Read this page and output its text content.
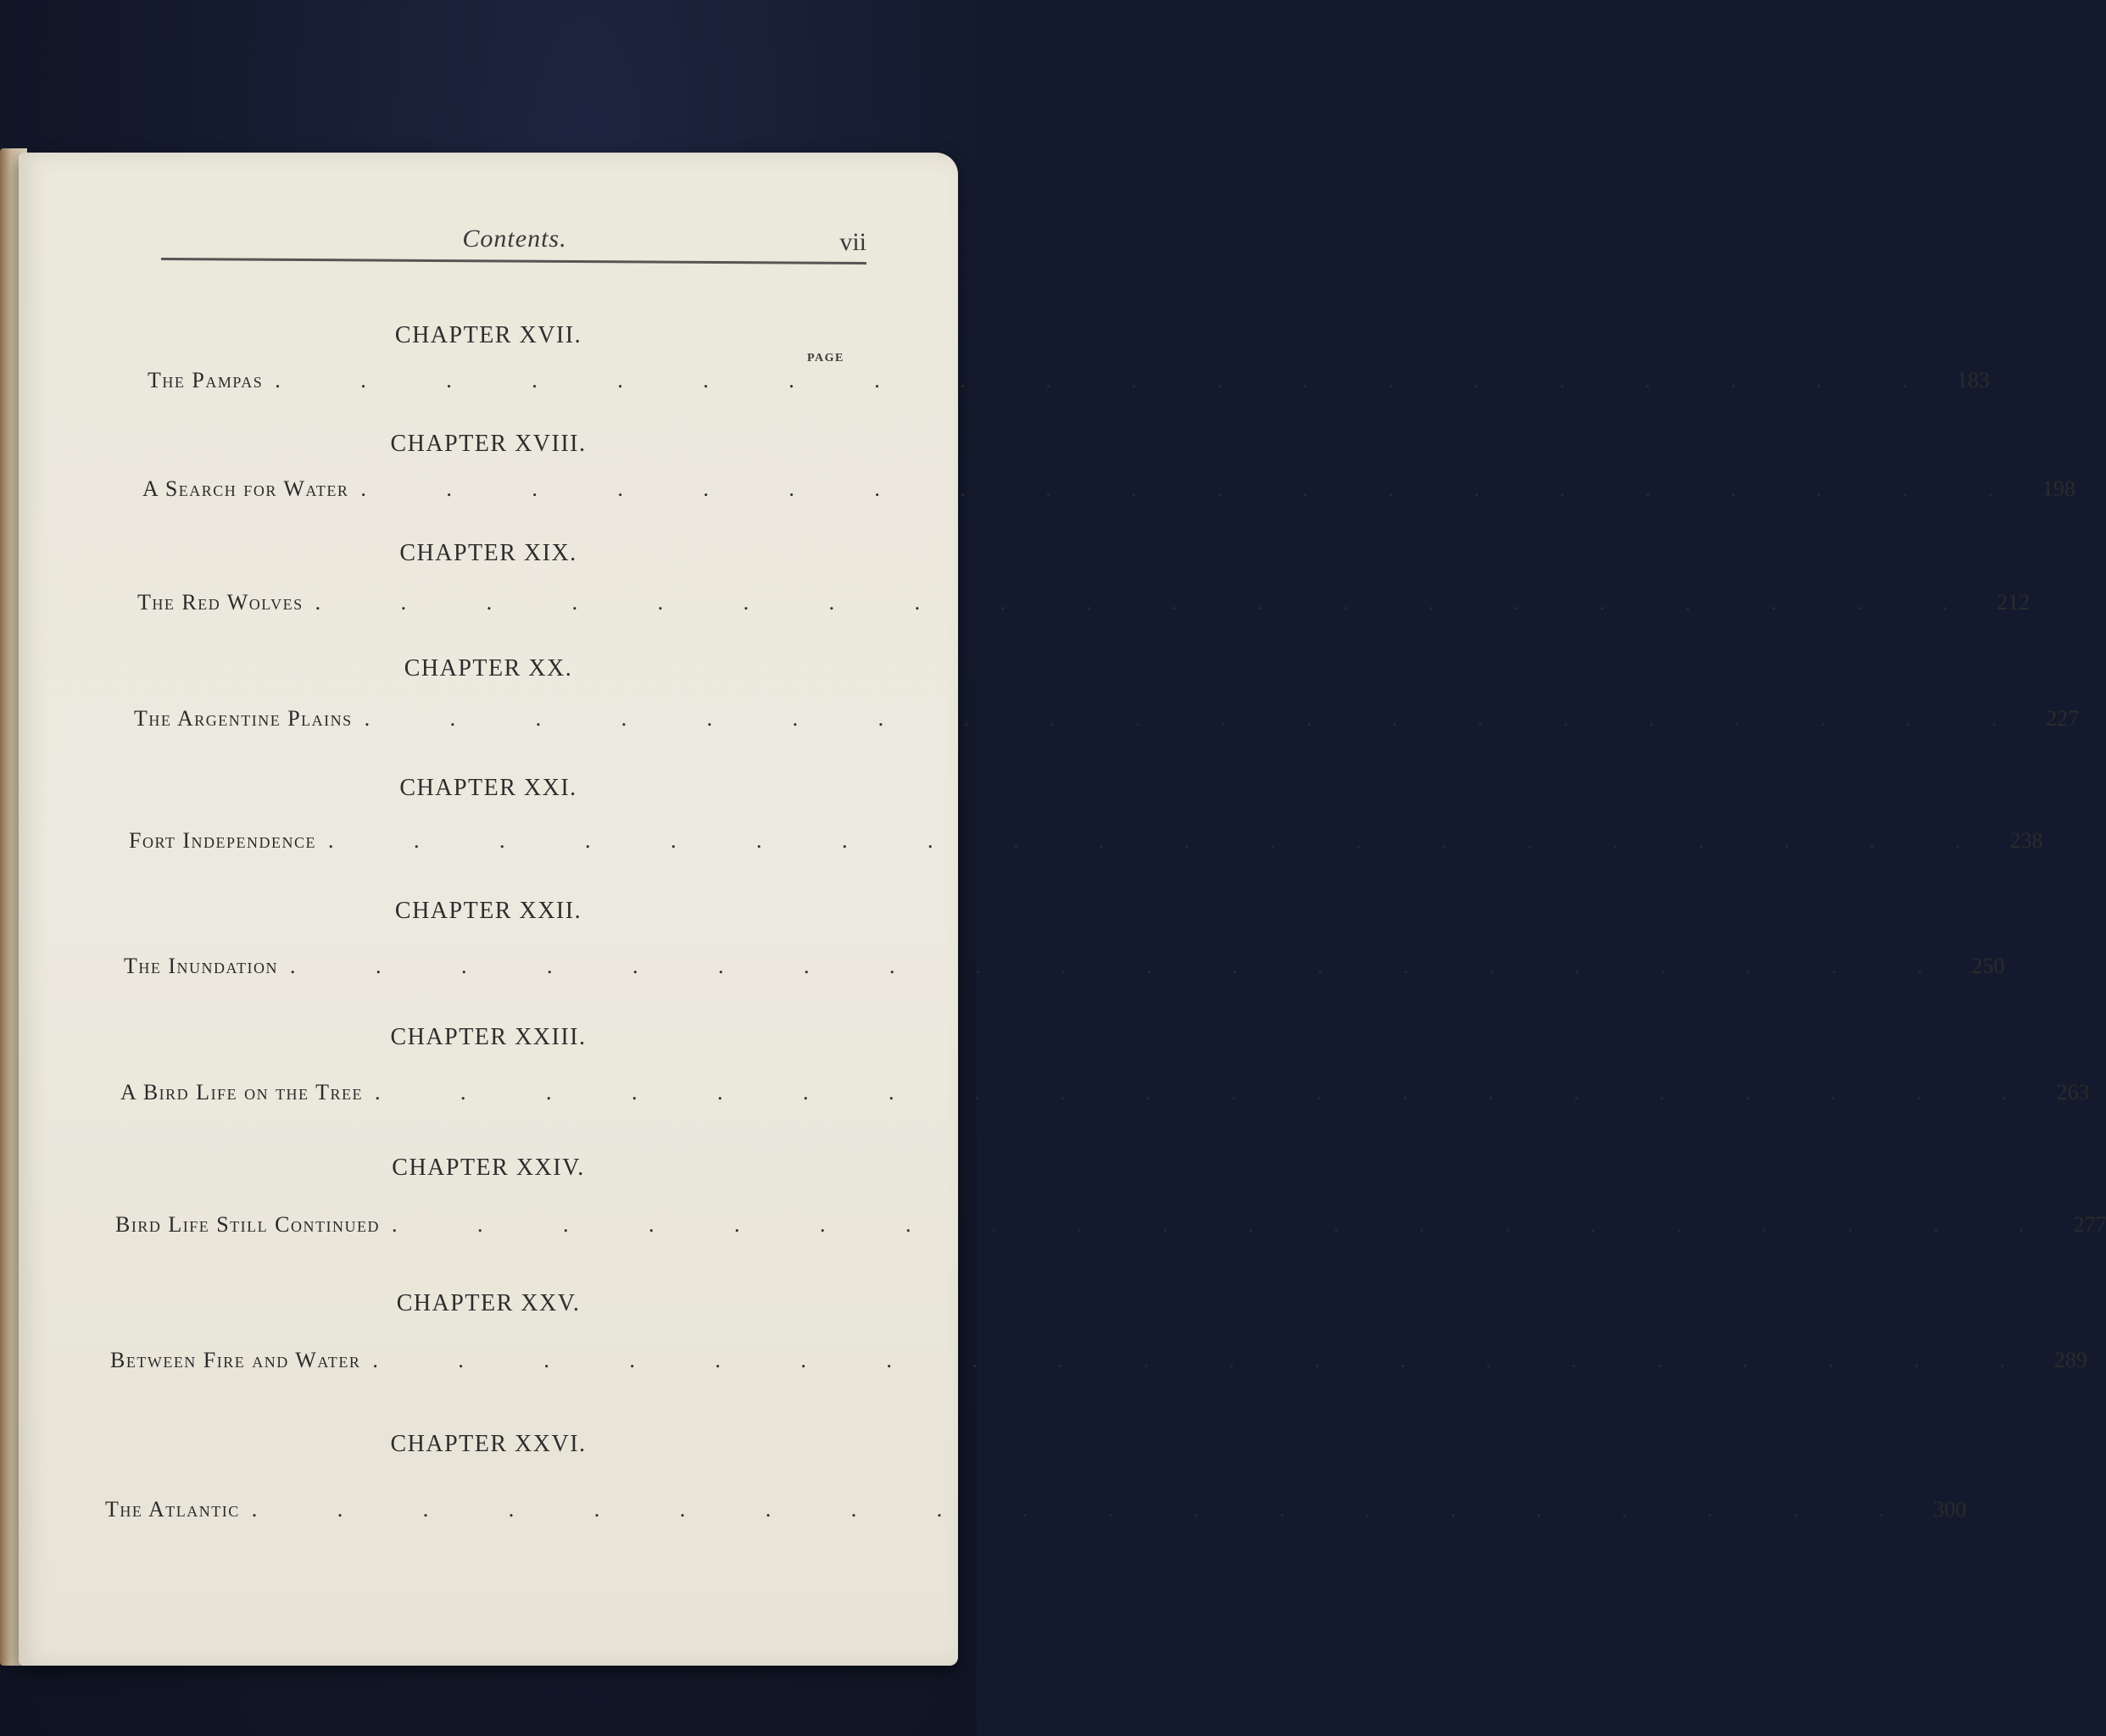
Contents.	vii
PAGE
CHAPTER XVII.
The Pampas . . . . . . . . . . . . . . . . . . . . 183
CHAPTER XVIII.
A Search for Water . . . . . . . . . . . . . . . . . . . . 198
CHAPTER XIX.
The Red Wolves . . . . . . . . . . . . . . . . . . . . 212
CHAPTER XX.
The Argentine Plains . . . . . . . . . . . . . . . . . . . . 227
CHAPTER XXI.
Fort Independence . . . . . . . . . . . . . . . . . . . . 238
CHAPTER XXII.
The Inundation . . . . . . . . . . . . . . . . . . . . 250
CHAPTER XXIII.
A Bird Life on the Tree . . . . . . . . . . . . . . . . . . . . 263
CHAPTER XXIV.
Bird Life Still Continued . . . . . . . . . . . . . . . . . . . . 277
CHAPTER XXV.
Between Fire and Water . . . . . . . . . . . . . . . . . . . . 289
CHAPTER XXVI.
The Atlantic . . . . . . . . . . . . . . . . . . . . 300
